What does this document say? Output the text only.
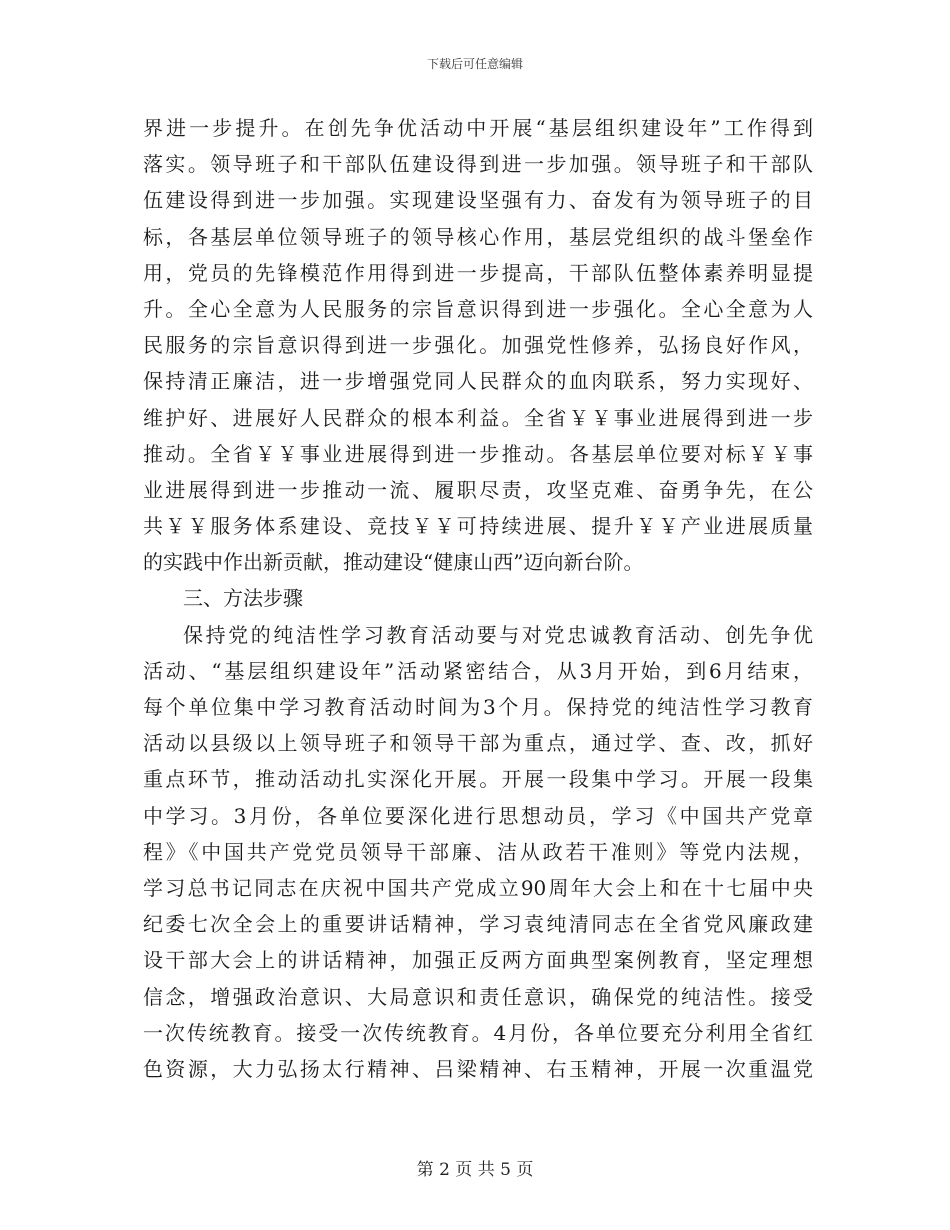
下载后可任意编辑
界进一步提升。在创先争优活动中开展“基层组织建设年”工作得到
落实。领导班子和干部队伍建设得到进一步加强。领导班子和干部队
伍建设得到进一步加强。实现建设坚强有力、奋发有为领导班子的目
标，各基层单位领导班子的领导核心作用，基层党组织的战斗堡垒作
用，党员的先锋模范作用得到进一步提高，干部队伍整体素养明显提
升。全心全意为人民服务的宗旨意识得到进一步强化。全心全意为人
民服务的宗旨意识得到进一步强化。加强党性修养，弘扬良好作风，
保持清正廉洁，进一步增强党同人民群众的血肉联系，努力实现好、
维护好、进展好人民群众的根本利益。全省￥￥事业进展得到进一步
推动。全省￥￥事业进展得到进一步推动。各基层单位要对标￥￥事
业进展得到进一步推动一流、履职尽责，攻坚克难、奋勇争先，在公
共￥￥服务体系建设、竞技￥￥可持续进展、提升￥￥产业进展质量
的实践中作出新贡献，推动建设“健康山西”迈向新台阶。
三、方法步骤
保持党的纯洁性学习教育活动要与对党忠诚教育活动、创先争优
活动、“基层组织建设年”活动紧密结合，从3月开始，到6月结束，
每个单位集中学习教育活动时间为3个月。保持党的纯洁性学习教育
活动以县级以上领导班子和领导干部为重点，通过学、查、改，抓好
重点环节，推动活动扎实深化开展。开展一段集中学习。开展一段集
中学习。3月份，各单位要深化进行思想动员，学习《中国共产党章
程》《中国共产党党员领导干部廉、洁从政若干准则》等党内法规，
学习总书记同志在庆祝中国共产党成立90周年大会上和在十七届中央
纪委七次全会上的重要讲话精神，学习袁纯清同志在全省党风廉政建
设干部大会上的讲话精神，加强正反两方面典型案例教育，坚定理想
信念，增强政治意识、大局意识和责任意识，确保党的纯洁性。接受
一次传统教育。接受一次传统教育。4月份，各单位要充分利用全省红
色资源，大力弘扬太行精神、吕梁精神、右玉精神，开展一次重温党
第 2 页 共 5 页
